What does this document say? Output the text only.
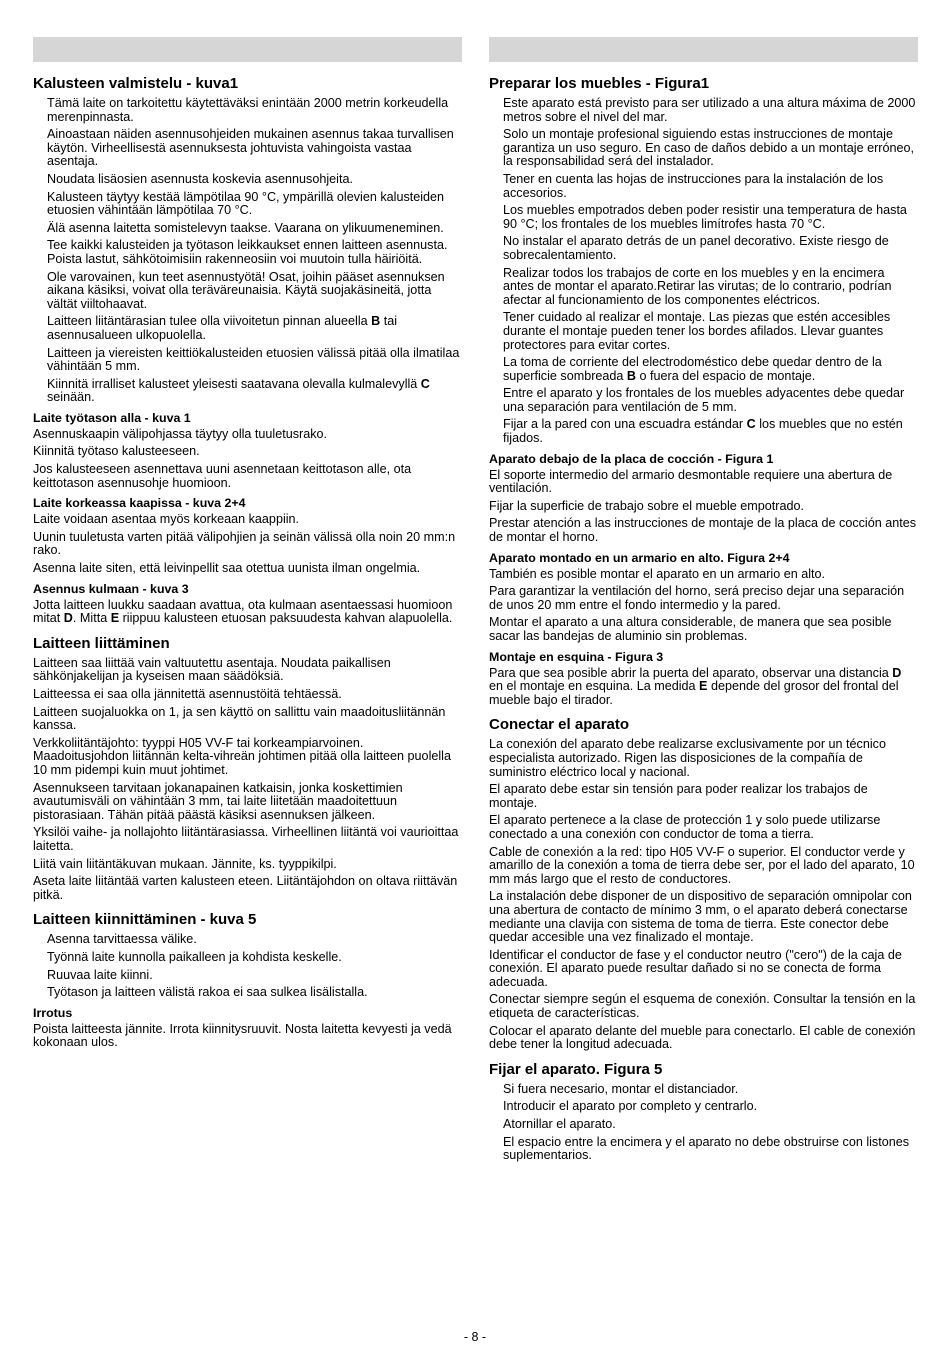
Kalusteen valmistelu - kuva1

Tämä laite on tarkoitettu käytettäväksi enintään 2000 metrin korkeudella merenpinnasta.

Ainoastaan näiden asennusohjeiden mukainen asennus takaa turvallisen käytön. Virheellisestä asennuksesta johtuvista vahingoista vastaa asentaja.

Noudata lisäosien asennusta koskevia asennusohjeita.

Kalusteen täytyy kestää lämpötilaa 90 °C, ympärillä olevien kalusteiden etuosien vähintään lämpötilaa 70 °C.

Älä asenna laitetta somistelevyn taakse. Vaarana on ylikuumeneminen.

Tee kaikki kalusteiden ja työtason leikkaukset ennen laitteen asennusta. Poista lastut, sähkötoimisiin rakenneosiin voi muutoin tulla häiriöitä.

Ole varovainen, kun teet asennustyötä! Osat, joihin pääset asennuksen aikana käsiksi, voivat olla teräväreunaisia. Käytä suojakäsineitä, jotta vältät viiltohaavat.

Laitteen liitäntärasian tulee olla viivoitetun pinnan alueella B tai asennusalueen ulkopuolella.

Laitteen ja viereisten keittiökalusteiden etuosien välissä pitää olla ilmatilaa vähintään 5 mm.

Kiinnitä irralliset kalusteet yleisesti saatavana olevalla kulmalevyllä C seinään.

Laite työtason alla - kuva 1

Asennuskaapin välipohjassa täytyy olla tuuletusrako.

Kiinnitä työtaso kalusteeseen.

Jos kalusteeseen asennettava uuni asennetaan keittotason alle, ota keittotason asennusohje huomioon.

Laite korkeassa kaapissa - kuva 2+4

Laite voidaan asentaa myös korkeaan kaappiin.

Uunin tuuletusta varten pitää välipohjien ja seinän välissä olla noin 20 mm:n rako.

Asenna laite siten, että leivinpellit saa otettua uunista ilman ongelmia.

Asennus kulmaan - kuva 3

Jotta laitteen luukku saadaan avattua, ota kulmaan asentaessasi huomioon mitat D. Mitta E riippuu kalusteen etuosan paksuudesta kahvan alapuolella.

Laitteen liittäminen

Laitteen saa liittää vain valtuutettu asentaja. Noudata paikallisen sähkönjakelijan ja kyseisen maan säädöksiä.

Laitteessa ei saa olla jännitettä asennustöitä tehtäessä.

Laitteen suojaluokka on 1, ja sen käyttö on sallittu vain maadoitusliitännän kanssa.

Verkkoliitäntäjohto: tyyppi H05 VV-F tai korkeampiarvoinen. Maadoitusjohdon liitännän kelta-vihreän johtimen pitää olla laitteen puolella 10 mm pidempi kuin muut johtimet.

Asennukseen tarvitaan jokanapainen katkaisin, jonka koskettimien avautumisväli on vähintään 3 mm, tai laite liitetään maadoitettuun pistorasiaan. Tähän pitää päästä käsiksi asennuksen jälkeen.

Yksilöi vaihe- ja nollajohto liitäntärasiassa. Virheellinen liitäntä voi vaurioittaa laitetta.

Liitä vain liitäntäkuvan mukaan. Jännite, ks. tyyppikilpi.

Aseta laite liitäntää varten kalusteen eteen. Liitäntäjohdon on oltava riittävän pitkä.

Laitteen kiinnittäminen - kuva 5

Asenna tarvittaessa välike.

Työnnä laite kunnolla paikalleen ja kohdista keskelle.

Ruuvaa laite kiinni.

Työtason ja laitteen välistä rakoa ei saa sulkea lisälistalla.

Irrotus

Poista laitteesta jännite. Irrota kiinnitysruuvit. Nosta laitetta kevyesti ja vedä kokonaan ulos.

Preparar los muebles - Figura1

Este aparato está previsto para ser utilizado a una altura máxima de 2000 metros sobre el nivel del mar.

Solo un montaje profesional siguiendo estas instrucciones de montaje garantiza un uso seguro. En caso de daños debido a un montaje erróneo, la responsabilidad será del instalador.

Tener en cuenta las hojas de instrucciones para la instalación de los accesorios.

Los muebles empotrados deben poder resistir una temperatura de hasta 90 °C; los frontales de los muebles limítrofes hasta 70 °C.

No instalar el aparato detrás de un panel decorativo. Existe riesgo de sobrecalentamiento.

Realizar todos los trabajos de corte en los muebles y en la encimera antes de montar el aparato.Retirar las virutas; de lo contrario, podrían afectar al funcionamiento de los componentes eléctricos.

Tener cuidado al realizar el montaje. Las piezas que estén accesibles durante el montaje pueden tener los bordes afilados. Llevar guantes protectores para evitar cortes.

La toma de corriente del electrodoméstico debe quedar dentro de la superficie sombreada B o fuera del espacio de montaje.

Entre el aparato y los frontales de los muebles adyacentes debe quedar una separación para ventilación de 5 mm.

Fijar a la pared con una escuadra estándar C los muebles que no estén fijados.

Aparato debajo de la placa de cocción - Figura 1

El soporte intermedio del armario desmontable requiere una abertura de ventilación.

Fijar la superficie de trabajo sobre el mueble empotrado.

Prestar atención a las instrucciones de montaje de la placa de cocción antes de montar el horno.

Aparato montado en un armario en alto. Figura 2+4

También es posible montar el aparato en un armario en alto.

Para garantizar la ventilación del horno, será preciso dejar una separación de unos 20 mm entre el fondo intermedio y la pared.

Montar el aparato a una altura considerable, de manera que sea posible sacar las bandejas de aluminio sin problemas.

Montaje en esquina - Figura 3

Para que sea posible abrir la puerta del aparato, observar una distancia D en el montaje en esquina. La medida E depende del grosor del frontal del mueble bajo el tirador.

Conectar el aparato

La conexión del aparato debe realizarse exclusivamente por un técnico especialista autorizado. Rigen las disposiciones de la compañía de suministro eléctrico local y nacional.

El aparato debe estar sin tensión para poder realizar los trabajos de montaje.

El aparato pertenece a la clase de protección 1 y solo puede utilizarse conectado a una conexión con conductor de toma a tierra.

Cable de conexión a la red: tipo H05 VV-F o superior. El conductor verde y amarillo de la conexión a toma de tierra debe ser, por el lado del aparato, 10 mm más largo que el resto de conductores.

La instalación debe disponer de un dispositivo de separación omnipolar con una abertura de contacto de mínimo 3 mm, o el aparato deberá conectarse mediante una clavija con sistema de toma de tierra. Este conector debe quedar accesible una vez finalizado el montaje.

Identificar el conductor de fase y el conductor neutro ("cero") de la caja de conexión. El aparato puede resultar dañado si no se conecta de forma adecuada.

Conectar siempre según el esquema de conexión. Consultar la tensión en la etiqueta de características.

Colocar el aparato delante del mueble para conectarlo. El cable de conexión debe tener la longitud adecuada.

Fijar el aparato. Figura 5

Si fuera necesario, montar el distanciador.

Introducir el aparato por completo y centrarlo.

Atornillar el aparato.

El espacio entre la encimera y el aparato no debe obstruirse con listones suplementarios.

- 8 -
